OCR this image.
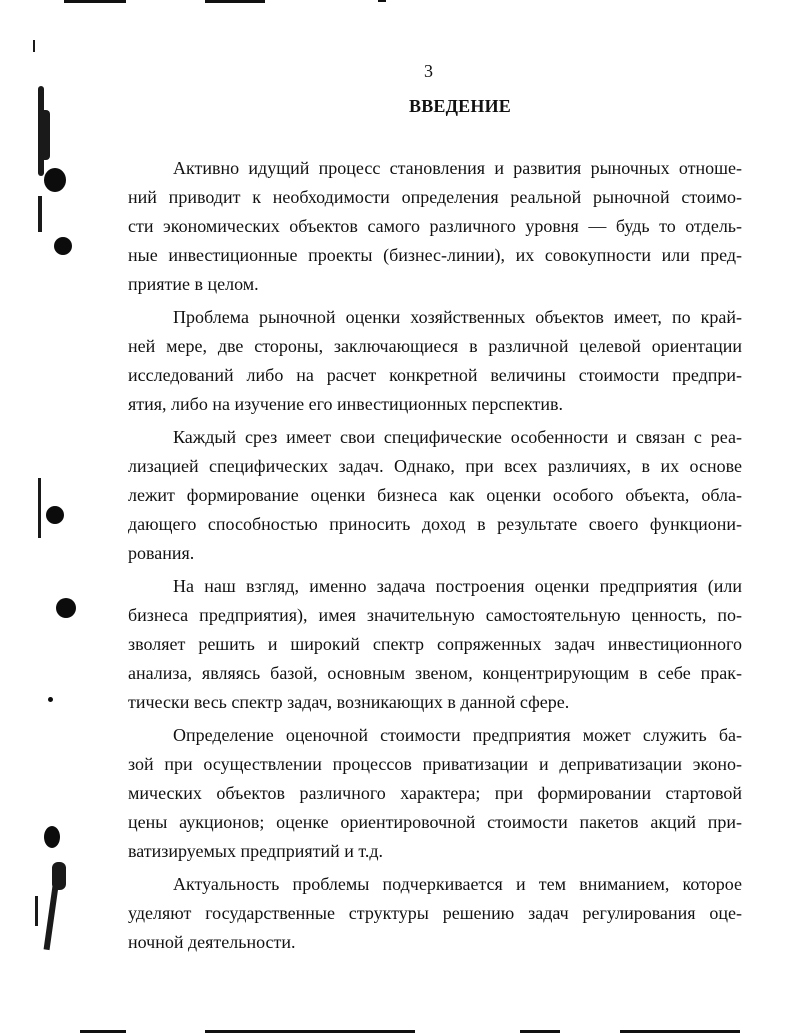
3

ВВЕДЕНИЕ

Активно идущий процесс становления и развития рыночных отноше-
ний приводит к необходимости определения реальной рыночной стоимо-
сти экономических объектов самого различного уровня — будь то отдель-
ные инвестиционные проекты (бизнес-линии), их совокупности или пред-
приятие в целом.

Проблема рыночной оценки хозяйственных объектов имеет, по край-
ней мере, две стороны, заключающиеся в различной целевой ориентации
исследований либо на расчет конкретной величины стоимости предпри-
ятия, либо на изучение его инвестиционных перспектив.

Каждый срез имеет свои специфические особенности и связан с реа-
лизацией специфических задач. Однако, при всех различиях, в их основе
лежит формирование оценки бизнеса как оценки особого объекта, обла-
дающего способностью приносить доход в результате своего функциони-
рования.

На наш взгляд, именно задача построения оценки предприятия (или
бизнеса предприятия), имея значительную самостоятельную ценность, по-
зволяет решить и широкий спектр сопряженных задач инвестиционного
анализа, являясь базой, основным звеном, концентрирующим в себе прак-
тически весь спектр задач, возникающих в данной сфере.

Определение оценочной стоимости предприятия может служить ба-
зой при осуществлении процессов приватизации и деприватизации эконо-
мических объектов различного характера; при формировании стартовой
цены аукционов; оценке ориентировочной стоимости пакетов акций при-
ватизируемых предприятий и т.д.

Актуальность проблемы подчеркивается и тем вниманием, которое
уделяют государственные структуры решению задач регулирования оце-
ночной деятельности.
